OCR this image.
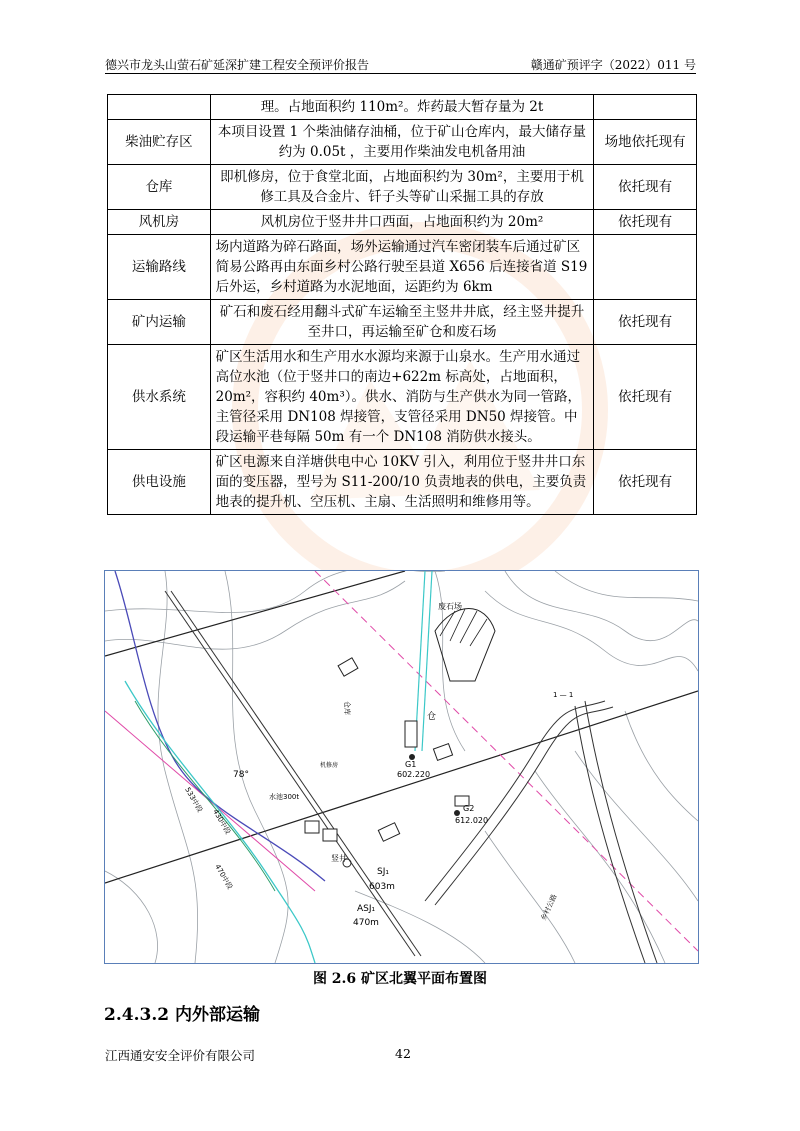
德兴市龙头山萤石矿延深扩建工程安全预评价报告	赣通矿预评字（2022）011 号
	理。占地面积约 110m²。炸药最大暂存量为 2t	
柴油贮存区	本项目设置 1 个柴油储存油桶，位于矿山仓库内，最大储存量约为 0.05t ，主要用作柴油发电机备用油	场地依托现有
仓库	即机修房，位于食堂北面，占地面积约为 30m²，主要用于机修工具及合金片、钎子头等矿山采掘工具的存放	依托现有
风机房	风机房位于竖井井口西面，占地面积约为 20m²	依托现有
运输路线	场内道路为碎石路面，场外运输通过汽车密闭装车后通过矿区简易公路再由东面乡村公路行驶至县道 X656 后连接省道 S19 后外运，乡村道路为水泥地面，运距约为 6km	
矿内运输	矿石和废石经用翻斗式矿车运输至主竖井井底，经主竖井提升至井口，再运输至矿仓和废石场	依托现有
供水系统	矿区生活用水和生产用水水源均来源于山泉水。生产用水通过高位水池（位于竖井口的南边+622m 标高处，占地面积，20m²，容积约 40m³）。供水、消防与生产供水为同一管路，主管径采用 DN108 焊接管，支管径采用 DN50 焊接管。中段运输平巷每隔 50m 有一个 DN108 消防供水接头。	依托现有
供电设施	矿区电源来自洋塘供电中心 10KV 引入，利用位于竖井井口东面的变压器，型号为 S11-200/10 负责地表的供电，主要负责地表的提升机、空压机、主扇、生活照明和维修用等。	依托现有
废石场
仓
G1
602.220
G2
612.020
SJ₁
603m
ASJ₁
470m
竖井
533中段
430中段
470中段
水池300t
78°
1 — 1
乡村公路
仓库
机修房
图 2.6 矿区北翼平面布置图
2.4.3.2 内外部运输
江西通安安全评价有限公司	42
